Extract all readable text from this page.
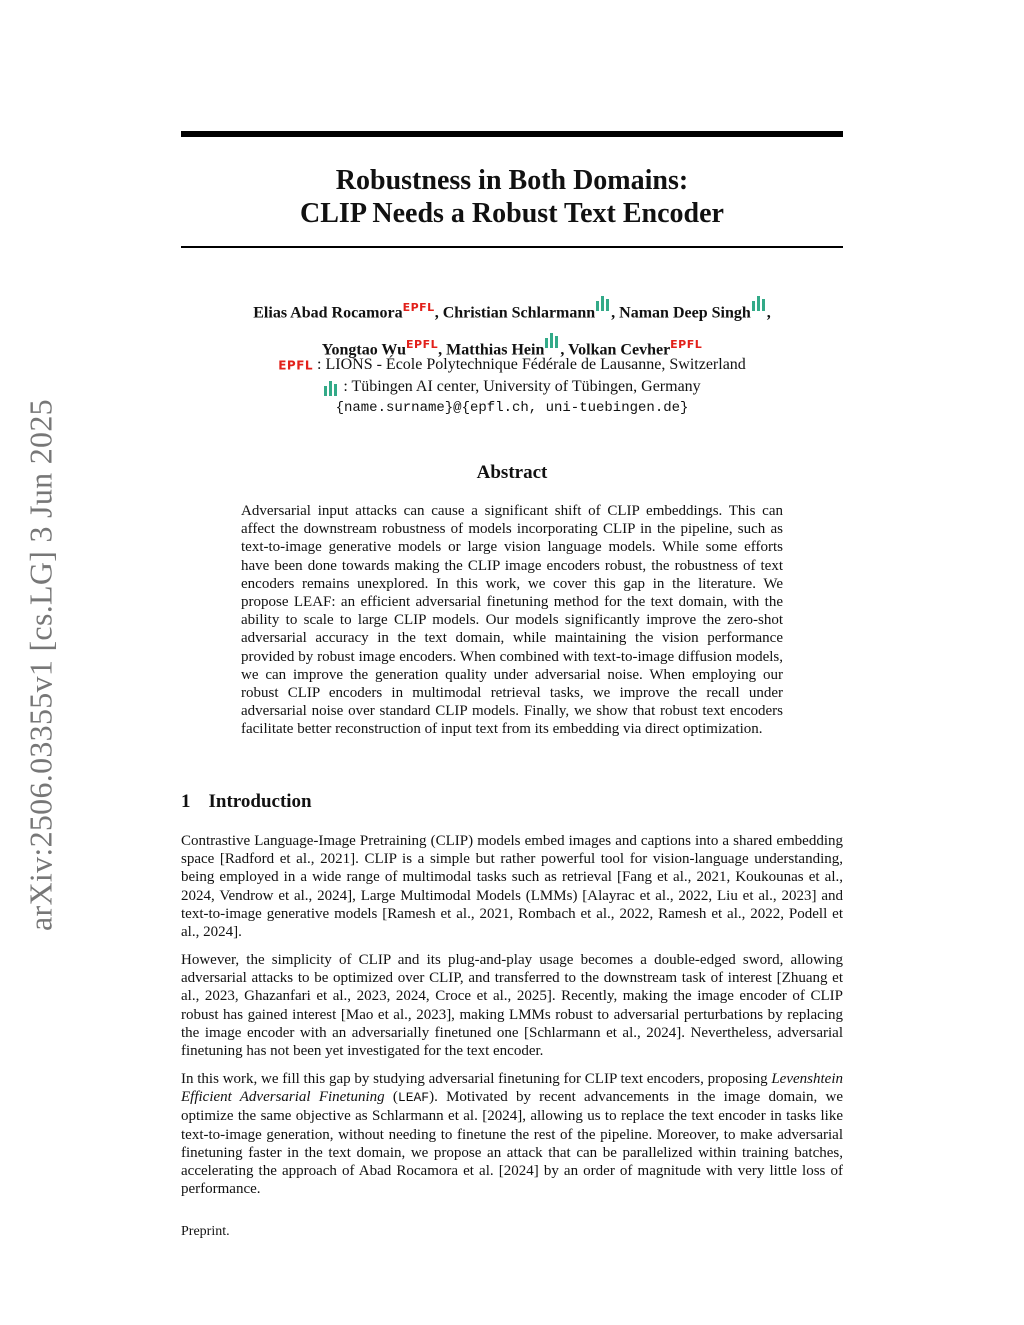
arXiv:2506.03355v1 [cs.LG] 3 Jun 2025
Robustness in Both Domains:
CLIP Needs a Robust Text Encoder
Elias Abad Rocamora$^{EPFL}$, Christian Schlarmann , Naman Deep Singh ,
Yongtao $Wu^{EPFL}$, Matthias Hein , Volkan Cevher$^{EPFL}$
EPFL : LIONS - École Polytechnique Fédérale de Lausanne, Switzerland
: Tübingen AI center, University of Tübingen, Germany
{name.surname}@{epfl.ch, uni-tuebingen.de}
Abstract
Adversarial input attacks can cause a significant shift of CLIP embeddings. This can affect the downstream robustness of models incorporating CLIP in the pipeline, such as text-to-image generative models or large vision language models. While some efforts have been done towards making the CLIP image encoders robust, the robustness of text encoders remains unexplored. In this work, we cover this gap in the literature. We propose LEAF: an efficient adversarial finetuning method for the text domain, with the ability to scale to large CLIP models. Our models significantly improve the zero-shot adversarial accuracy in the text domain, while maintaining the vision performance provided by robust image encoders. When combined with text-to-image diffusion models, we can improve the generation quality under adversarial noise. When employing our robust CLIP encoders in multimodal retrieval tasks, we improve the recall under adversarial noise over standard CLIP models. Finally, we show that robust text encoders facilitate better reconstruction of input text from its embedding via direct optimization.
1 Introduction
Contrastive Language-Image Pretraining (CLIP) models embed images and captions into a shared embedding space [Radford et al., 2021]. CLIP is a simple but rather powerful tool for vision-language understanding, being employed in a wide range of multimodal tasks such as retrieval [Fang et al., 2021, Koukounas et al., 2024, Vendrow et al., 2024], Large Multimodal Models (LMMs) [Alayrac et al., 2022, Liu et al., 2023] and text-to-image generative models [Ramesh et al., 2021, Rombach et al., 2022, Ramesh et al., 2022, Podell et al., 2024].
However, the simplicity of CLIP and its plug-and-play usage becomes a double-edged sword, allowing adversarial attacks to be optimized over CLIP, and transferred to the downstream task of interest [Zhuang et al., 2023, Ghazanfari et al., 2023, 2024, Croce et al., 2025]. Recently, making the image encoder of CLIP robust has gained interest [Mao et al., 2023], making LMMs robust to adversarial perturbations by replacing the image encoder with an adversarially finetuned one [Schlarmann et al., 2024]. Nevertheless, adversarial finetuning has not been yet investigated for the text encoder.
In this work, we fill this gap by studying adversarial finetuning for CLIP text encoders, proposing Levenshtein Efficient Adversarial Finetuning (LEAF). Motivated by recent advancements in the image domain, we optimize the same objective as Schlarmann et al. [2024], allowing us to replace the text encoder in tasks like text-to-image generation, without needing to finetune the rest of the pipeline. Moreover, to make adversarial finetuning faster in the text domain, we propose an attack that can be parallelized within training batches, accelerating the approach of Abad Rocamora et al. [2024] by an order of magnitude with very little loss of performance.
Preprint.
